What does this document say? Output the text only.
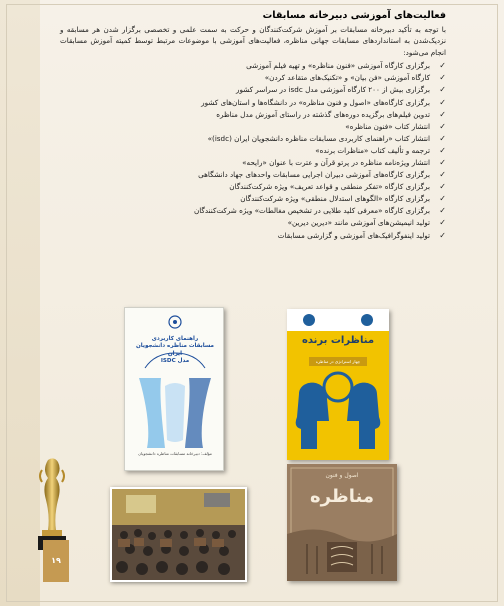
فعالیت‌های آموزشی دبیرخانه مسابقات

با توجه به تأکید دبیرخانه مسابقات بر آموزش شرکت‌کنندگان و حرکت به سمت علمی و تخصصی برگزار شدن هر مسابقه و نزدیک‌شدن به استانداردهای مسابقات جهانی مناظره، فعالیت‌های آموزشی با موضوعات مرتبط توسط کمیته آموزش مسابقات انجام می‌شود:

✓
برگزاری کارگاه آموزشی «فنون مناظره» و تهیه فیلم آموزشی
✓
کارگاه آموزشی «فن بیان» و «تکنیک‌های متقاعد کردن»
✓
برگزاری بیش از ۲۰۰ کارگاه آموزشی مدل isdc در سراسر کشور
✓
برگزاری کارگاه‌های «اصول و فنون مناظره» در دانشگاه‌ها و استان‌های کشور
✓
تدوین فیلم‌های برگزیده دوره‌های گذشته در راستای آموزش مدل مناظره
✓
انتشار کتاب «فنون مناظره»
✓
انتشار کتاب «راهنمای کاربردی مسابقات مناظره دانشجویان ایران (isdc)»
✓
ترجمه و تألیف کتاب «مناظرات برنده»
✓
انتشار ویژه‌نامه مناظره در پرتو قرآن و عترت با عنوان «رایحه»
✓
برگزاری کارگاه‌های آموزشی دبیران اجرایی مسابقات واحدهای جهاد دانشگاهی
✓
برگزاری کارگاه «تفکر منطقی و قواعد تعریف» ویژه شرکت‌کنندگان
✓
برگزاری کارگاه «الگوهای استدلال منطقی» ویژه شرکت‌کنندگان
✓
برگزاری کارگاه «معرفی کلید طلایی در تشخیص مغالطات» ویژه شرکت‌کنندگان
✓
تولید انیمیشن‌های آموزشی مانند «دیرین دیرین»
✓
تولید اینفوگرافیک‌های آموزشی و گزارشی مسابقات
راهنمای کاربردی
مسابقات مناظره دانشجویان ایران
مدل ISDC
مؤلف: دبیرخانه مسابقات مناظره دانشجویان
مناظرات برنده
چهار استراتژی در مناظره
اصول و فنون
مناظره
۱۹
